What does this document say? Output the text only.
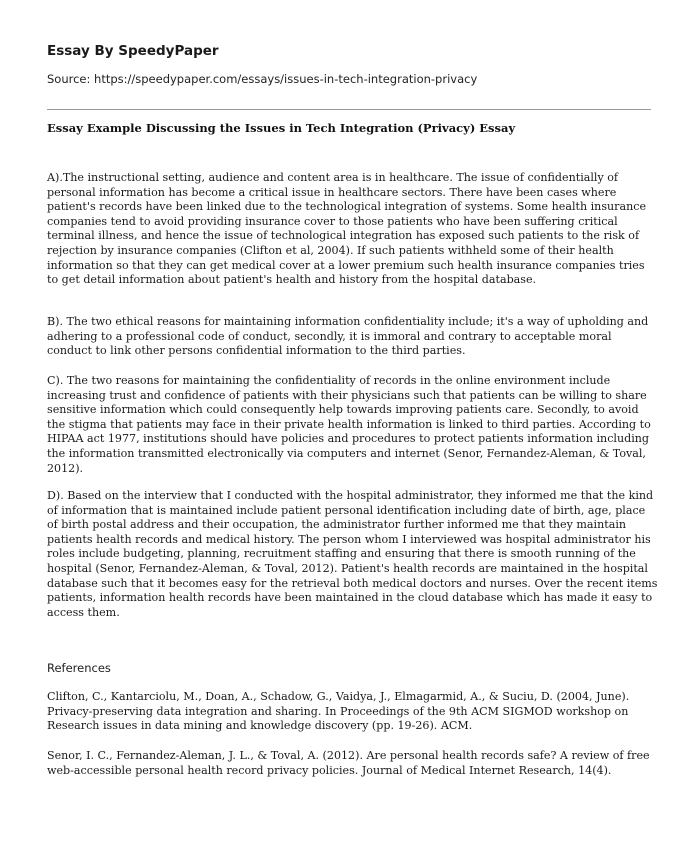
Essay By SpeedyPaper
Source: https://speedypaper.com/essays/issues-in-tech-integration-privacy
Essay Example Discussing the Issues in Tech Integration (Privacy) Essay

A).The instructional setting, audience and content area is in healthcare. The issue of confidentially of personal information has become a critical issue in healthcare sectors. There have been cases where patient's records have been linked due to the technological integration of systems. Some health insurance companies tend to avoid providing insurance cover to those patients who have been suffering critical terminal illness, and hence the issue of technological integration has exposed such patients to the risk of rejection by insurance companies (Clifton et al, 2004). If such patients withheld some of their health information so that they can get medical cover at a lower premium such health insurance companies tries to get detail information about patient's health and history from the hospital database.

B). The two ethical reasons for maintaining information confidentiality include; it's a way of upholding and adhering to a professional code of conduct, secondly, it is immoral and contrary to acceptable moral conduct to link other persons confidential information to the third parties.

C). The two reasons for maintaining the confidentiality of records in the online environment include increasing trust and confidence of patients with their physicians such that patients can be willing to share sensitive information which could consequently help towards improving patients care. Secondly, to avoid the stigma that patients may face in their private health information is linked to third parties. According to HIPAA act 1977, institutions should have policies and procedures to protect patients information including the information transmitted electronically via computers and internet (Senor, Fernandez-Aleman, & Toval, 2012).

D). Based on the interview that I conducted with the hospital administrator, they informed me that the kind of information that is maintained include patient personal identification including date of birth, age, place of birth postal address and their occupation, the administrator further informed me that they maintain patients health records and medical history. The person whom I interviewed was hospital administrator his roles include budgeting, planning, recruitment staffing and ensuring that there is smooth running of the hospital (Senor, Fernandez-Aleman, & Toval, 2012). Patient's health records are maintained in the hospital database such that it becomes easy for the retrieval both medical doctors and nurses. Over the recent items patients, information health records have been maintained in the cloud database which has made it easy to access them.

References

Clifton, C., Kantarciolu, M., Doan, A., Schadow, G., Vaidya, J., Elmagarmid, A., & Suciu, D. (2004, June). Privacy-preserving data integration and sharing. In Proceedings of the 9th ACM SIGMOD workshop on Research issues in data mining and knowledge discovery (pp. 19-26). ACM.

Senor, I. C., Fernandez-Aleman, J. L., & Toval, A. (2012). Are personal health records safe? A review of free web-accessible personal health record privacy policies. Journal of Medical Internet Research, 14(4).
